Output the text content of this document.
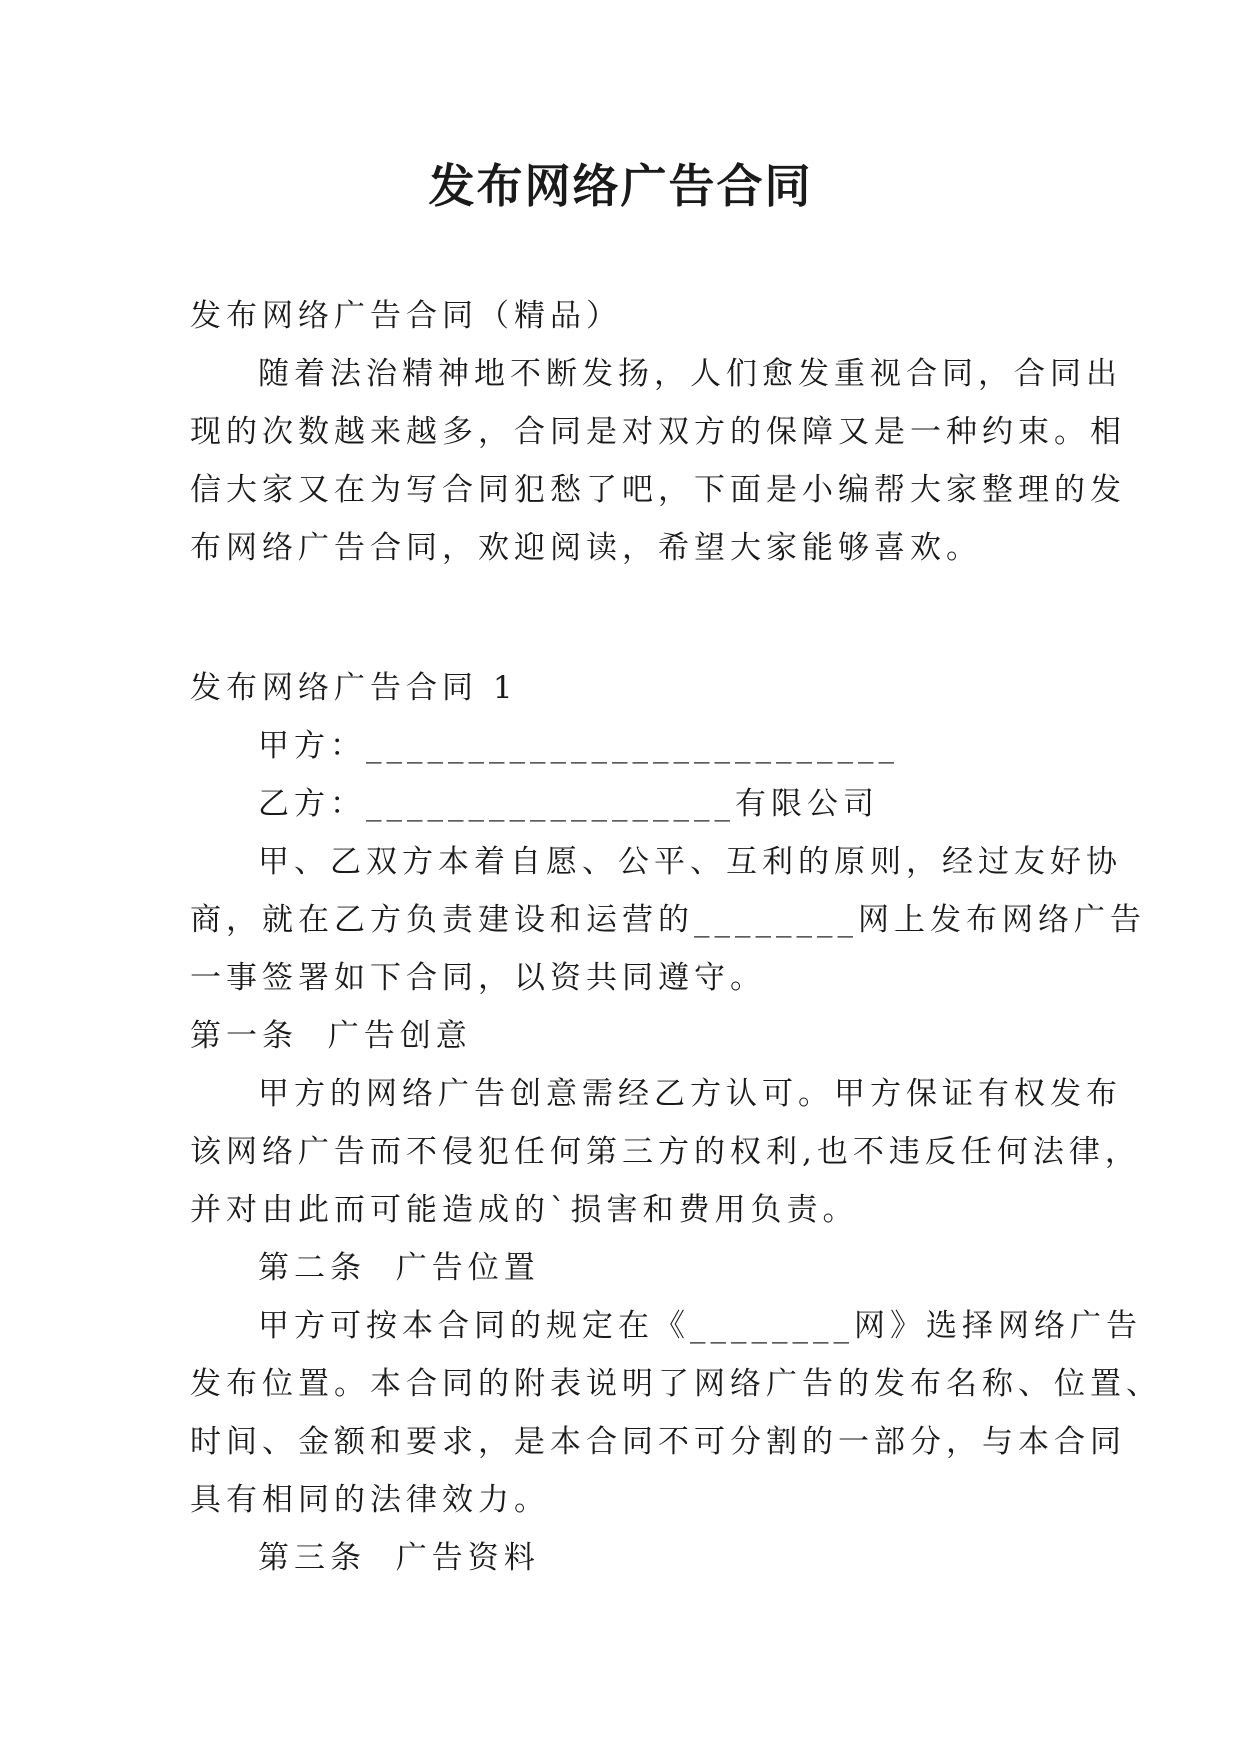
发布网络广告合同
发布网络广告合同（精品）
随着法治精神地不断发扬，人们愈发重视合同，合同出
现的次数越来越多，合同是对双方的保障又是一种约束。相
信大家又在为写合同犯愁了吧，下面是小编帮大家整理的发
布网络广告合同，欢迎阅读，希望大家能够喜欢。
发布网络广告合同 1
甲方：__________________________
乙方：__________________有限公司
甲、乙双方本着自愿、公平、互利的原则，经过友好协
商，就在乙方负责建设和运营的________网上发布网络广告
一事签署如下合同，以资共同遵守。
第一条  广告创意
甲方的网络广告创意需经乙方认可。甲方保证有权发布
该网络广告而不侵犯任何第三方的权利,也不违反任何法律，
并对由此而可能造成的`损害和费用负责。
第二条  广告位置
甲方可按本合同的规定在《________网》选择网络广告
发布位置。本合同的附表说明了网络广告的发布名称、位置、
时间、金额和要求，是本合同不可分割的一部分，与本合同
具有相同的法律效力。
第三条  广告资料
